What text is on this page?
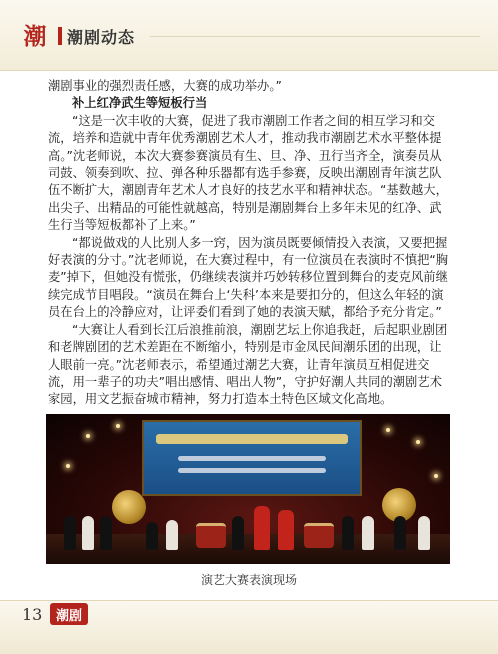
潮 潮剧动态

潮剧事业的强烈责任感，大赛的成功举办。”

补上红净武生等短板行当

“这是一次丰收的大赛，促进了我市潮剧工作者之间的相互学习和交流，培养和造就中青年优秀潮剧艺术人才，推动我市潮剧艺术水平整体提高。”沈老师说，本次大赛参赛演员有生、旦、净、丑行当齐全，演奏员从司鼓、领奏到吹、拉、弹各种乐器都有选手参赛，反映出潮剧青年演艺队伍不断扩大，潮剧青年艺术人才良好的技艺水平和精神状态。“基数越大，出尖子、出精品的可能性就越高，特别是潮剧舞台上多年未见的红净、武生行当等短板都补了上来。”

“都说做戏的人比别人多一窍，因为演员既要倾情投入表演，又要把握好表演的分寸。”沈老师说，在大赛过程中，有一位演员在表演时不慎把“胸麦”掉下，但她没有慌张，仍继续表演并巧妙转移位置到舞台的麦克风前继续完成节目唱段。“演员在舞台上‘失科’本来是要扣分的，但这么年轻的演员在台上的冷静应对，让评委们看到了她的表演天赋，都给予充分肯定。”

“大赛让人看到长江后浪推前浪，潮剧艺坛上你追我赶，后起职业剧团和老牌剧团的艺术差距在不断缩小，特别是市金凤民间潮乐团的出现，让人眼前一亮。”沈老师表示，希望通过潮艺大赛，让青年演员互相促进交流，用一辈子的功夫”唱出感情、唱出人物”，守护好潮人共同的潮剧艺术家园，用文艺振奋城市精神，努力打造本土特色区域文化高地。

演艺大赛表演现场
13	潮剧
